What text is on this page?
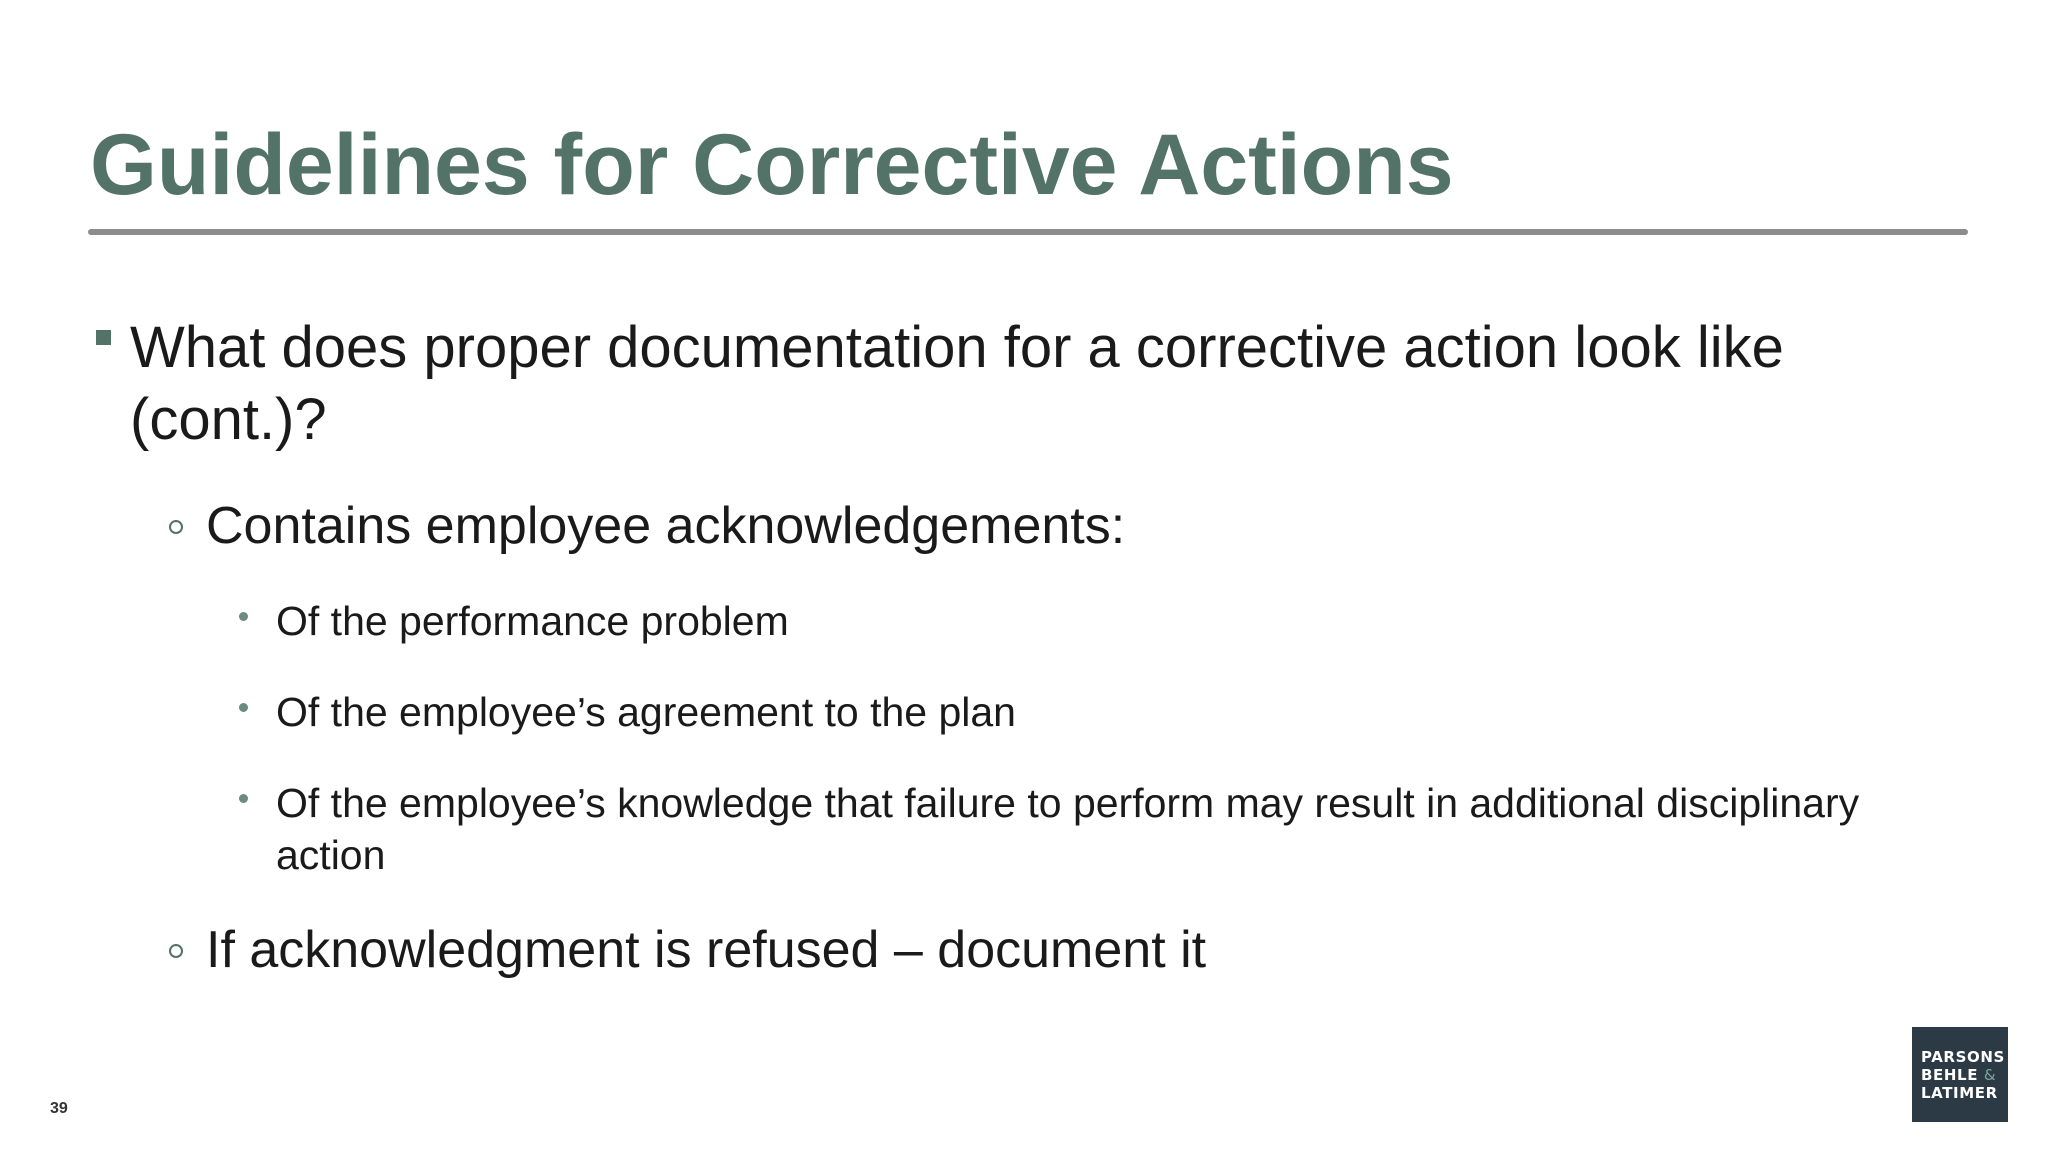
Guidelines for Corrective Actions
What does proper documentation for a corrective action look like (cont.)?
Contains employee acknowledgements:
Of the performance problem
Of the employee’s agreement to the plan
Of the employee’s knowledge that failure to perform may result in additional disciplinary action
If acknowledgment is refused – document it
39
PARSONS
BEHLE &
LATIMER
